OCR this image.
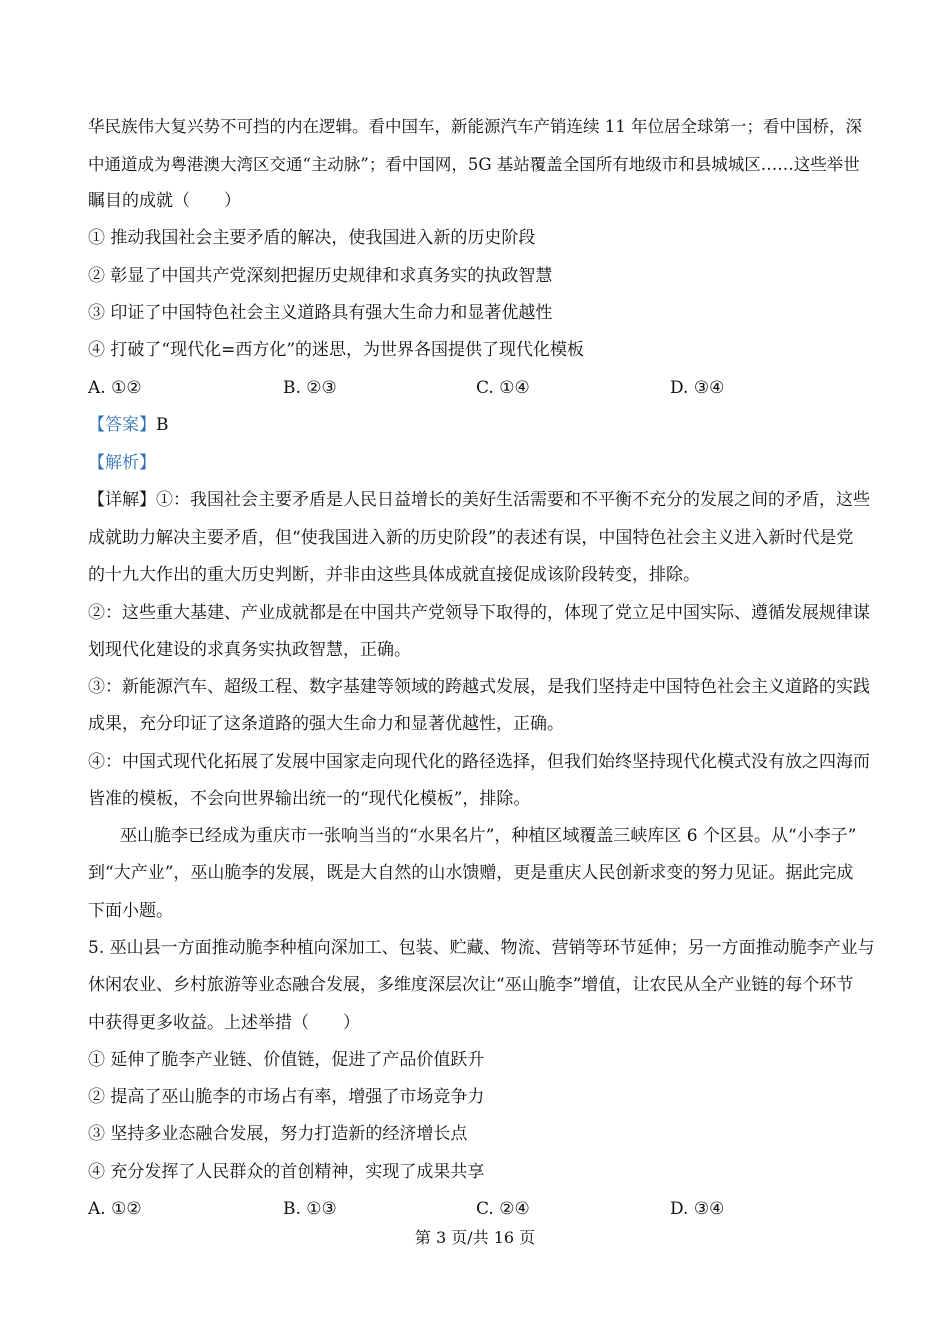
华民族伟大复兴势不可挡的内在逻辑。看中国车，新能源汽车产销连续 11 年位居全球第一；看中国桥，深
中通道成为粤港澳大湾区交通“主动脉”；看中国网，5G 基站覆盖全国所有地级市和县城城区……这些举世
瞩目的成就（　　）
① 推动我国社会主要矛盾的解决，使我国进入新的历史阶段
② 彰显了中国共产党深刻把握历史规律和求真务实的执政智慧
③ 印证了中国特色社会主义道路具有强大生命力和显著优越性
④ 打破了“现代化=西方化”的迷思，为世界各国提供了现代化模板
A. ①②	B. ②③	C. ①④	D. ③④
【答案】B
【解析】
【详解】①：我国社会主要矛盾是人民日益增长的美好生活需要和不平衡不充分的发展之间的矛盾，这些
成就助力解决主要矛盾，但“使我国进入新的历史阶段”的表述有误，中国特色社会主义进入新时代是党
的十九大作出的重大历史判断，并非由这些具体成就直接促成该阶段转变，排除。
②：这些重大基建、产业成就都是在中国共产党领导下取得的，体现了党立足中国实际、遵循发展规律谋
划现代化建设的求真务实执政智慧，正确。
③：新能源汽车、超级工程、数字基建等领域的跨越式发展，是我们坚持走中国特色社会主义道路的实践
成果，充分印证了这条道路的强大生命力和显著优越性，正确。
④：中国式现代化拓展了发展中国家走向现代化的路径选择，但我们始终坚持现代化模式没有放之四海而
皆准的模板，不会向世界输出统一的“现代化模板”，排除。
巫山脆李已经成为重庆市一张响当当的“水果名片”，种植区域覆盖三峡库区 6 个区县。从“小李子”
到“大产业”，巫山脆李的发展，既是大自然的山水馈赠，更是重庆人民创新求变的努力见证。据此完成
下面小题。
5. 巫山县一方面推动脆李种植向深加工、包装、贮藏、物流、营销等环节延伸；另一方面推动脆李产业与
休闲农业、乡村旅游等业态融合发展，多维度深层次让“巫山脆李”增值，让农民从全产业链的每个环节
中获得更多收益。上述举措（　　）
① 延伸了脆李产业链、价值链，促进了产品价值跃升
② 提高了巫山脆李的市场占有率，增强了市场竞争力
③ 坚持多业态融合发展，努力打造新的经济增长点
④ 充分发挥了人民群众的首创精神，实现了成果共享
A. ①②	B. ①③	C. ②④	D. ③④
第 3 页/共 16 页
